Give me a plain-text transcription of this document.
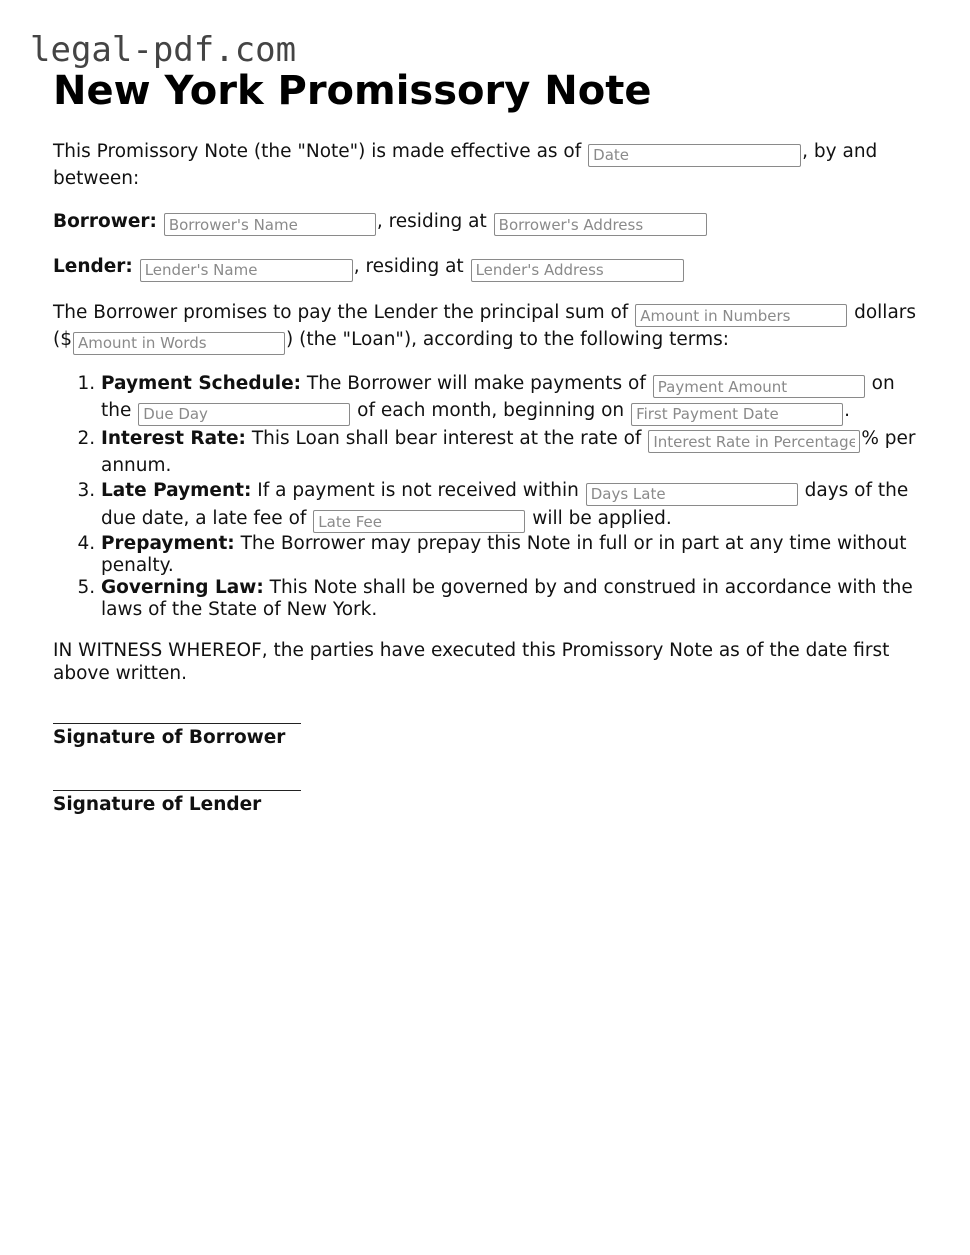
legal-pdf.com
New York Promissory Note

This Promissory Note (the "Note") is made effective as of Date	, by and between:

Borrower: Borrower's Name	, residing at Borrower's Address

Lender: Lender's Name	, residing at Lender's Address

The Borrower promises to pay the Lender the principal sum of Amount in Numbers	dollars ($Amount in Words	) (the "Loan"), according to the following terms:

1. Payment Schedule: The Borrower will make payments of Payment Amount	on the Due Day	of each month, beginning on First Payment Date	.
2. Interest Rate: This Loan shall bear interest at the rate of Interest Rate in Percentage	% per annum.
3. Late Payment: If a payment is not received within Days Late	days of the due date, a late fee of Late Fee	will be applied.
4. Prepayment: The Borrower may prepay this Note in full or in part at any time without penalty.
5. Governing Law: This Note shall be governed by and construed in accordance with the laws of the State of New York.

IN WITNESS WHEREOF, the parties have executed this Promissory Note as of the date first above written.

Signature of Borrower
Signature of Lender
